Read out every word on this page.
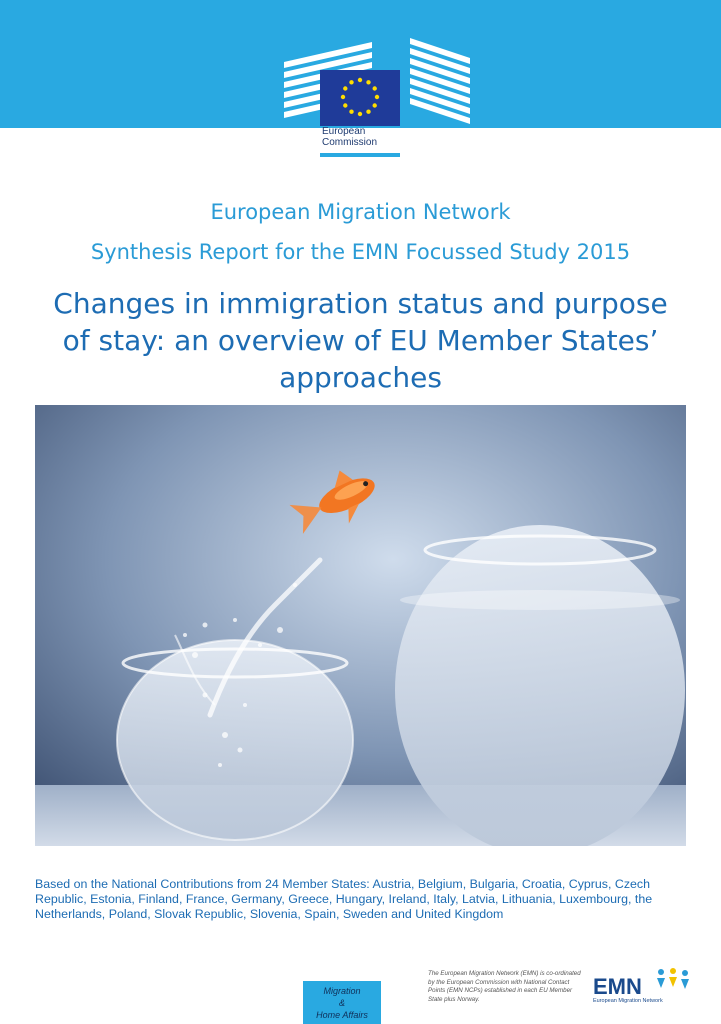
European
Commission
European Migration Network
Synthesis Report for the EMN Focussed Study 2015
Changes in immigration status and purpose of stay: an overview of EU Member States’ approaches
Based on the National Contributions from 24 Member States: Austria, Belgium, Bulgaria, Croatia, Cyprus, Czech Republic, Estonia, Finland, France, Germany, Greece, Hungary, Ireland, Italy, Latvia, Lithuania, Luxembourg, the Netherlands, Poland, Slovak Republic, Slovenia, Spain, Sweden and United Kingdom
Migration
&
Home Affairs
The European Migration Network (EMN) is co-ordinated by the European Commission with National Contact Points (EMN NCPs) established in each EU Member State plus Norway.	EMN
European Migration Network
